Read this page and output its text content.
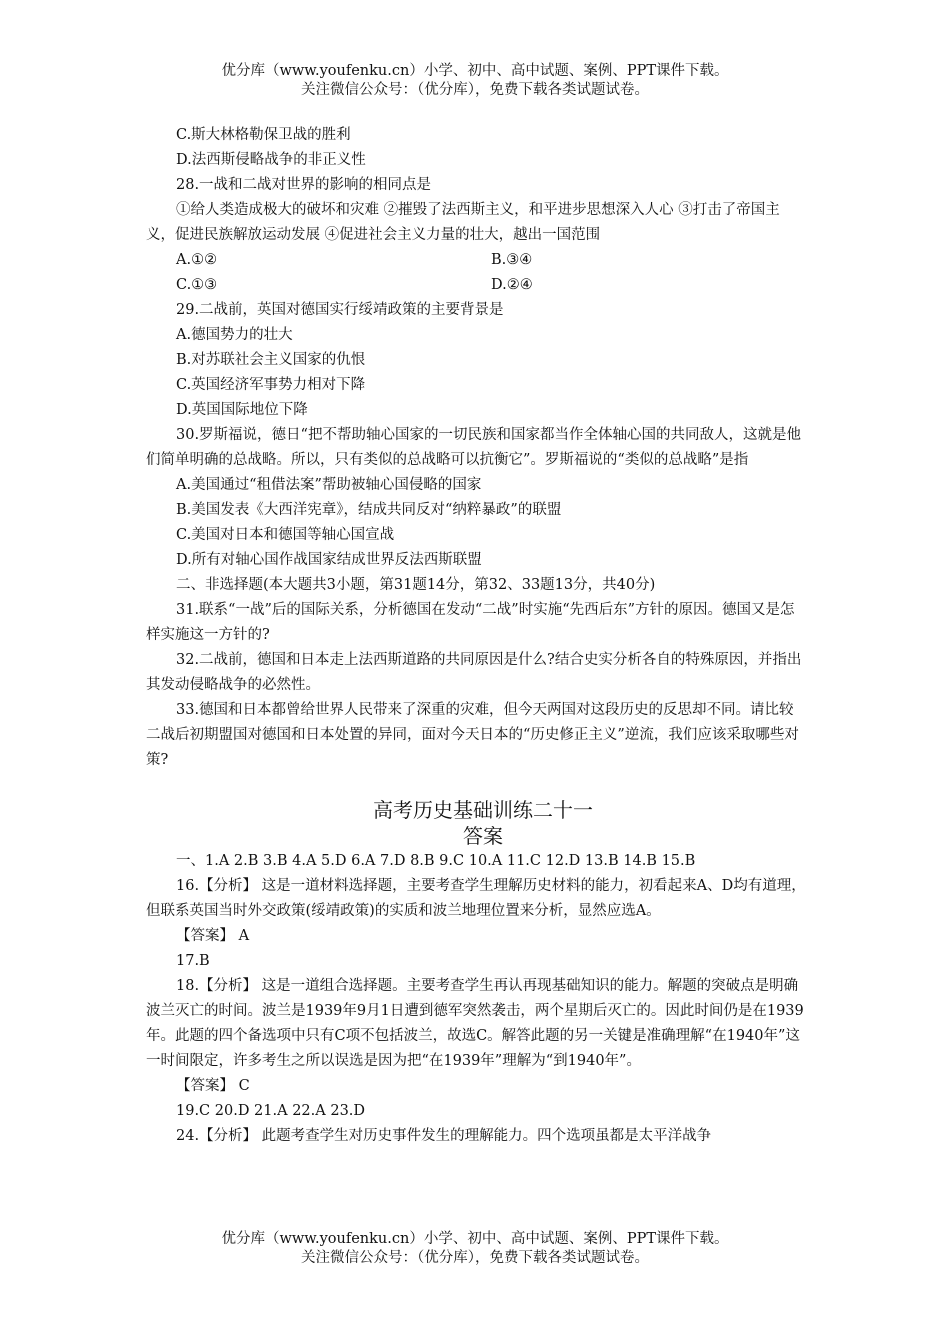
优分库（www.youfenku.cn）小学、初中、高中试题、案例、PPT课件下载。
关注微信公众号：（优分库），免费下载各类试题试卷。
C.斯大林格勒保卫战的胜利
D.法西斯侵略战争的非正义性
28.一战和二战对世界的影响的相同点是
①给人类造成极大的破坏和灾难 ②摧毁了法西斯主义，和平进步思想深入人心 ③打击了帝国主义，促进民族解放运动发展 ④促进社会主义力量的壮大，越出一国范围
A.①②	B.③④
C.①③	D.②④
29.二战前，英国对德国实行绥靖政策的主要背景是
A.德国势力的壮大
B.对苏联社会主义国家的仇恨
C.英国经济军事势力相对下降
D.英国国际地位下降
30.罗斯福说，德日“把不帮助轴心国家的一切民族和国家都当作全体轴心国的共同敌人，这就是他们简单明确的总战略。所以，只有类似的总战略可以抗衡它”。罗斯福说的“类似的总战略”是指
A.美国通过“租借法案”帮助被轴心国侵略的国家
B.美国发表《大西洋宪章》，结成共同反对“纳粹暴政”的联盟
C.美国对日本和德国等轴心国宣战
D.所有对轴心国作战国家结成世界反法西斯联盟
二、非选择题(本大题共3小题，第31题14分，第32、33题13分，共40分)
31.联系“一战”后的国际关系，分析德国在发动“二战”时实施“先西后东”方针的原因。德国又是怎样实施这一方针的?
32.二战前，德国和日本走上法西斯道路的共同原因是什么?结合史实分析各自的特殊原因，并指出其发动侵略战争的必然性。
33.德国和日本都曾给世界人民带来了深重的灾难，但今天两国对这段历史的反思却不同。请比较二战后初期盟国对德国和日本处置的异同，面对今天日本的“历史修正主义”逆流，我们应该采取哪些对策?
高考历史基础训练二十一
答案
一、1.A 2.B 3.B 4.A 5.D 6.A 7.D 8.B 9.C 10.A 11.C 12.D 13.B 14.B 15.B
16.【分析】 这是一道材料选择题，主要考查学生理解历史材料的能力，初看起来A、D均有道理，但联系英国当时外交政策(绥靖政策)的实质和波兰地理位置来分析，显然应选A。
【答案】 A
17.B
18.【分析】 这是一道组合选择题。主要考查学生再认再现基础知识的能力。解题的突破点是明确波兰灭亡的时间。波兰是1939年9月1日遭到德军突然袭击，两个星期后灭亡的。因此时间仍是在1939年。此题的四个备选项中只有C项不包括波兰，故选C。解答此题的另一关键是准确理解“在1940年”这一时间限定，许多考生之所以误选是因为把“在1939年”理解为“到1940年”。
【答案】 C
19.C 20.D 21.A 22.A 23.D
24.【分析】 此题考查学生对历史事件发生的理解能力。四个选项虽都是太平洋战争
优分库（www.youfenku.cn）小学、初中、高中试题、案例、PPT课件下载。
关注微信公众号：（优分库），免费下载各类试题试卷。
